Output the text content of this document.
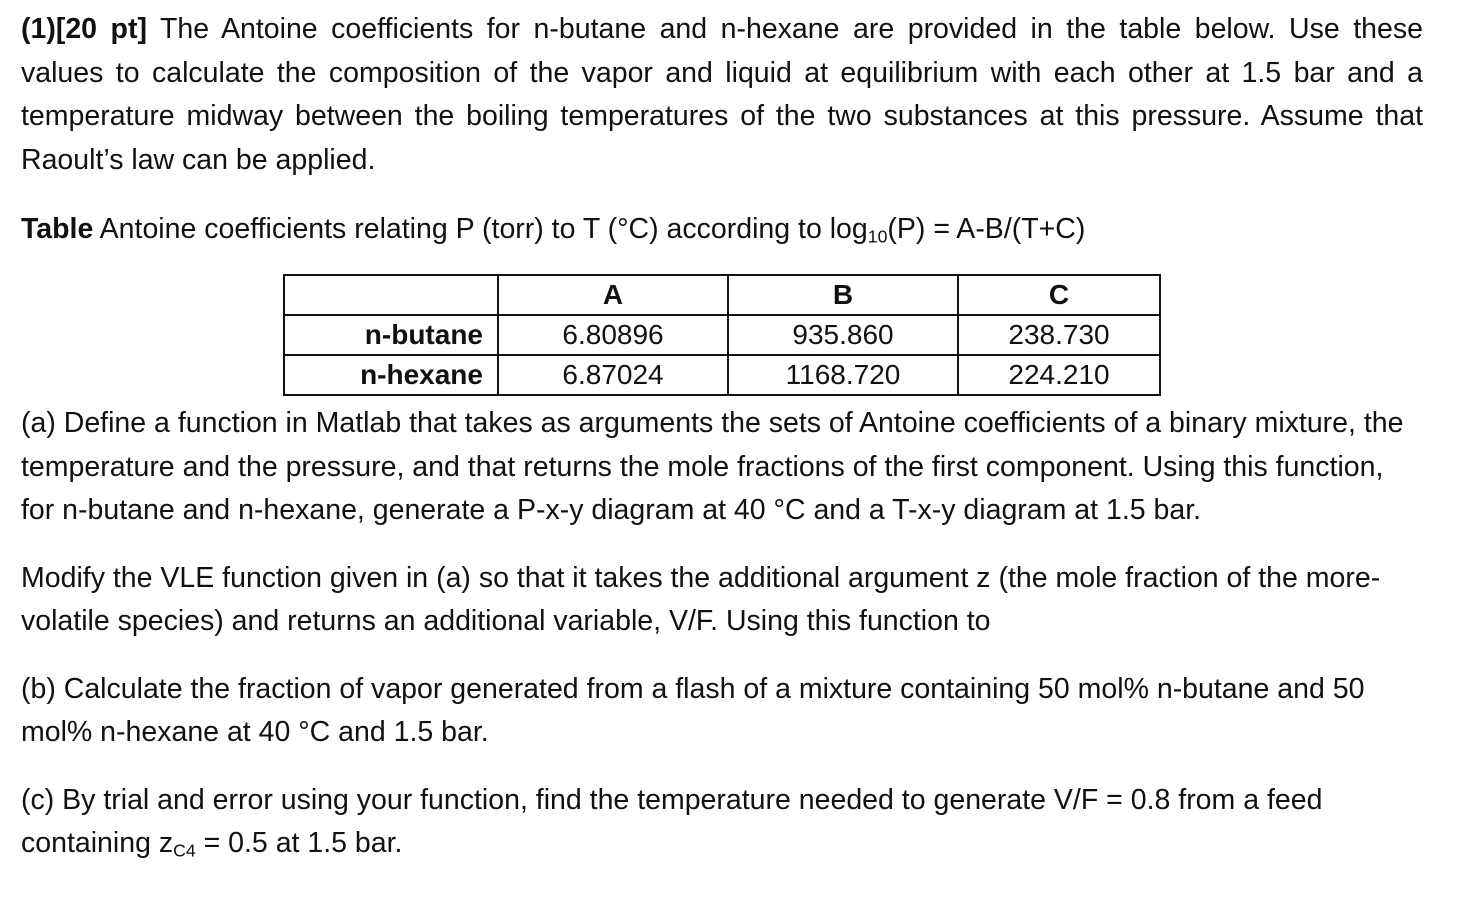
(1)[20 pt] The Antoine coefficients for n-butane and n-hexane are provided in the table below. Use these values to calculate the composition of the vapor and liquid at equilibrium with each other at 1.5 bar and a temperature midway between the boiling temperatures of the two substances at this pressure. Assume that Raoult’s law can be applied.

Table Antoine coefficients relating P (torr) to T (°C) according to $\log_{10}(P) = A-B/(T+C)$

	A	B	C
n-butane	6.80896	935.860	238.730
n-hexane	6.87024	1168.720	224.210

(a) Define a function in Matlab that takes as arguments the sets of Antoine coefficients of a binary mixture, the temperature and the pressure, and that returns the mole fractions of the first component. Using this function, for n-butane and n-hexane, generate a P-x-y diagram at 40 °C and a T-x-y diagram at 1.5 bar.

Modify the VLE function given in (a) so that it takes the additional argument z (the mole fraction of the more-volatile species) and returns an additional variable, V/F. Using this function to

(b) Calculate the fraction of vapor generated from a flash of a mixture containing 50 mol% n-butane and 50 mol% n-hexane at 40 °C and 1.5 bar.

(c) By trial and error using your function, find the temperature needed to generate V/F = 0.8 from a feed containing $z_{C4} = 0.5$ at 1.5 bar.
